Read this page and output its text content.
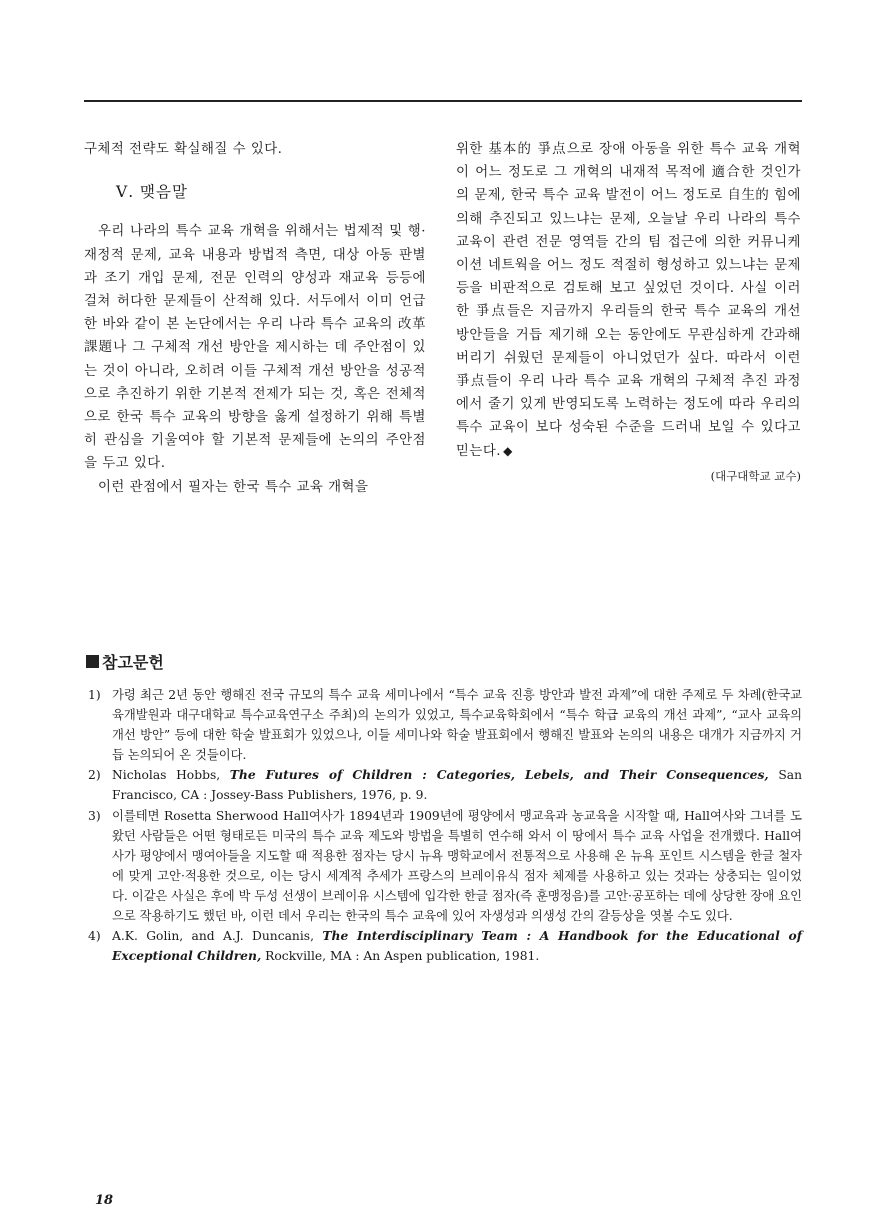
구체적 전략도 확실해질 수 있다.

Ⅴ. 맺음말

우리 나라의 특수 교육 개혁을 위해서는 법제적 및 행·재정적 문제, 교육 내용과 방법적 측면, 대상 아동 판별과 조기 개입 문제, 전문 인력의 양성과 재교육 등등에 걸쳐 허다한 문제들이 산적해 있다. 서두에서 이미 언급한 바와 같이 본 논단에서는 우리 나라 특수 교육의 改革課題나 그 구체적 개선 방안을 제시하는 데 주안점이 있는 것이 아니라, 오히려 이들 구체적 개선 방안을 성공적으로 추진하기 위한 기본적 전제가 되는 것, 혹은 전체적으로 한국 특수 교육의 방향을 옳게 설정하기 위해 특별히 관심을 기울여야 할 기본적 문제들에 논의의 주안점을 두고 있다.

이런 관점에서 필자는 한국 특수 교육 개혁을

위한 基本的 爭点으로 장애 아동을 위한 특수 교육 개혁이 어느 정도로 그 개혁의 내재적 목적에 適合한 것인가의 문제, 한국 특수 교육 발전이 어느 정도로 自生的 힘에 의해 추진되고 있느냐는 문제, 오늘날 우리 나라의 특수 교육이 관련 전문 영역들 간의 팀 접근에 의한 커뮤니케이션 네트웍을 어느 정도 적절히 형성하고 있느냐는 문제 등을 비판적으로 검토해 보고 싶었던 것이다. 사실 이러한 爭点들은 지금까지 우리들의 한국 특수 교육의 개선 방안들을 거듭 제기해 오는 동안에도 무관심하게 간과해 버리기 쉬웠던 문제들이 아니었던가 싶다. 따라서 이런 爭点들이 우리 나라 특수 교육 개혁의 구체적 추진 과정에서 줄기 있게 반영되도록 노력하는 정도에 따라 우리의 특수 교육이 보다 성숙된 수준을 드러내 보일 수 있다고 믿는다. ◆

(대구대학교 교수)

참고문헌
1) 가령 최근 2년 동안 행해진 전국 규모의 특수 교육 세미나에서 “특수 교육 진흥 방안과 발전 과제”에 대한 주제로 두 차례(한국교육개발원과 대구대학교 특수교육연구소 주최)의 논의가 있었고, 특수교육학회에서 “특수 학급 교육의 개선 과제”, “교사 교육의 개선 방안” 등에 대한 학술 발표회가 있었으나, 이들 세미나와 학술 발표회에서 행해진 발표와 논의의 내용은 대개가 지금까지 거듭 논의되어 온 것들이다.
2) Nicholas Hobbs, The Futures of Children : Categories, Lebels, and Their Consequences, San Francisco, CA : Jossey-Bass Publishers, 1976, p. 9.
3) 이를테면 Rosetta Sherwood Hall여사가 1894년과 1909년에 평양에서 맹교육과 농교육을 시작할 때, Hall여사와 그녀를 도왔던 사람들은 어떤 형태로든 미국의 특수 교육 제도와 방법을 특별히 연수해 와서 이 땅에서 특수 교육 사업을 전개했다. Hall여사가 평양에서 맹여아들을 지도할 때 적용한 점자는 당시 뉴욕 맹학교에서 전통적으로 사용해 온 뉴욕 포인트 시스템을 한글 철자에 맞게 고안·적용한 것으로, 이는 당시 세계적 추세가 프랑스의 브레이유식 점자 체제를 사용하고 있는 것과는 상충되는 일이었다. 이같은 사실은 후에 박 두성 선생이 브레이유 시스템에 입각한 한글 점자(즉 훈맹정음)를 고안·공포하는 데에 상당한 장애 요인으로 작용하기도 했던 바, 이런 데서 우리는 한국의 특수 교육에 있어 자생성과 의생성 간의 갈등상을 엿볼 수도 있다.
4) A.K. Golin, and A.J. Duncanis, The Interdisciplinary Team : A Handbook for the Educational of Exceptional Children, Rockville, MA : An Aspen publication, 1981.
18
